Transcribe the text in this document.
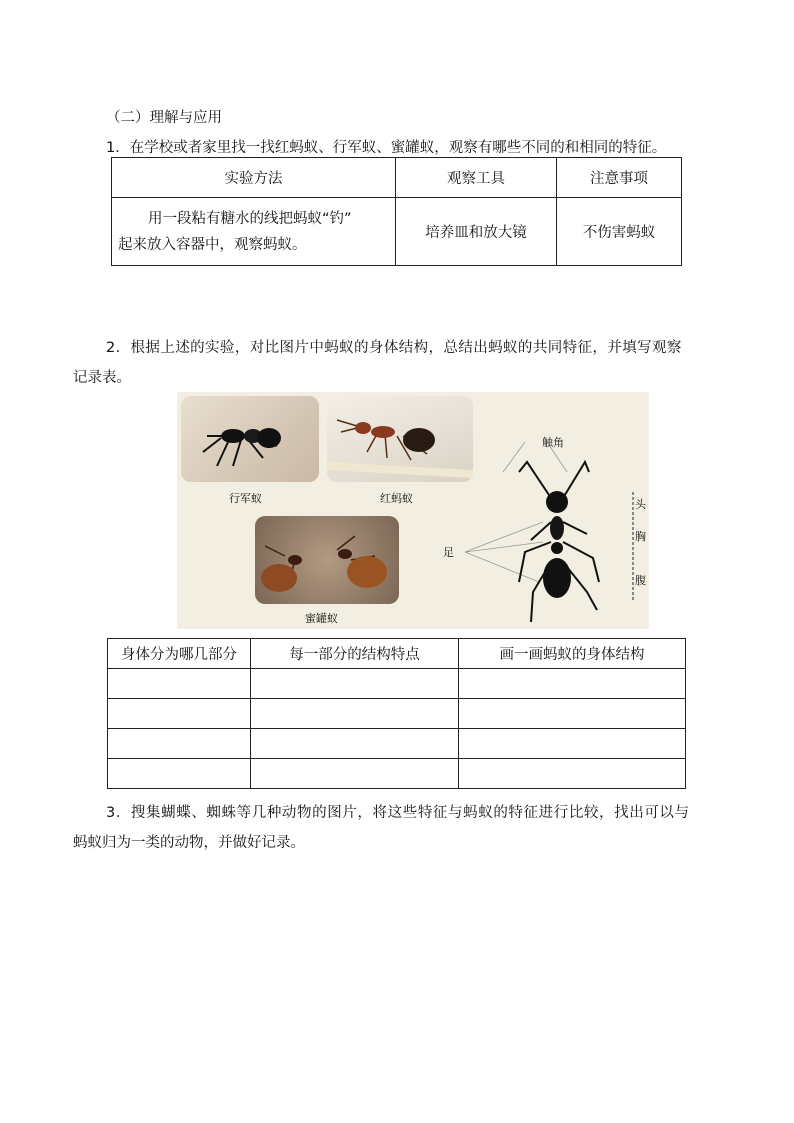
（二）理解与应用
1．在学校或者家里找一找红蚂蚁、行军蚁、蜜罐蚁，观察有哪些不同的和相同的特征。
实验方法	观察工具	注意事项

用一段粘有糖水的线把蚂蚁“钓”
起来放入容器中，观察蚂蚁。	培养皿和放大镜	不伤害蚂蚁
2．根据上述的实验，对比图片中蚂蚁的身体结构，总结出蚂蚁的共同特征，并填写观察
记录表。
行军蚁	红蚂蚁
蜜罐蚁
触角
足
头
胸
腹
身体分为哪几部分	每一部分的结构特点	画一画蚂蚁的身体结构

3．搜集蝴蝶、蜘蛛等几种动物的图片，将这些特征与蚂蚁的特征进行比较，找出可以与
蚂蚁归为一类的动物，并做好记录。
